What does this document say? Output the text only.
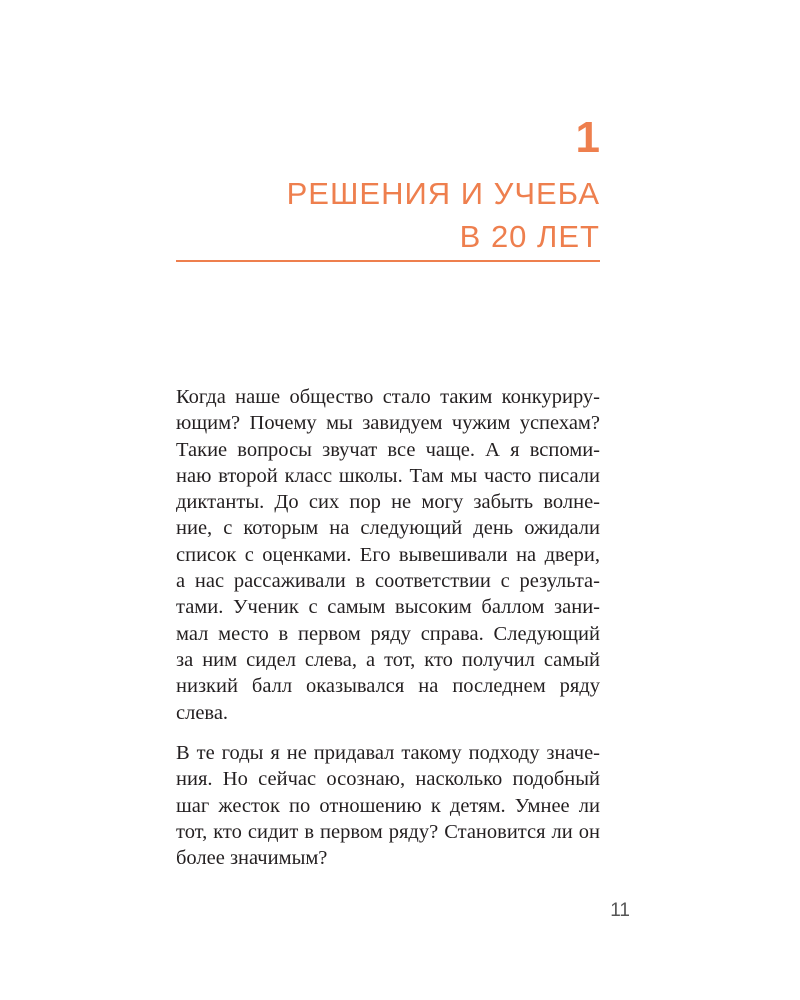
1
РЕШЕНИЯ И УЧЕБА
В 20 ЛЕТ
Когда наше общество стало таким конкуриру-
ющим? Почему мы завидуем чужим успехам?
Такие вопросы звучат все чаще. А я вспоми-
наю второй класс школы. Там мы часто писали
диктанты. До сих пор не могу забыть волне-
ние, с которым на следующий день ожидали
список с оценками. Его вывешивали на двери,
а нас рассаживали в соответствии с результа-
тами. Ученик с самым высоким баллом зани-
мал место в первом ряду справа. Следующий
за ним сидел слева, а тот, кто получил самый
низкий балл оказывался на последнем ряду
слева.
В те годы я не придавал такому подходу значе-
ния. Но сейчас осознаю, насколько подобный
шаг жесток по отношению к детям. Умнее ли
тот, кто сидит в первом ряду? Становится ли он
более значимым?
11
